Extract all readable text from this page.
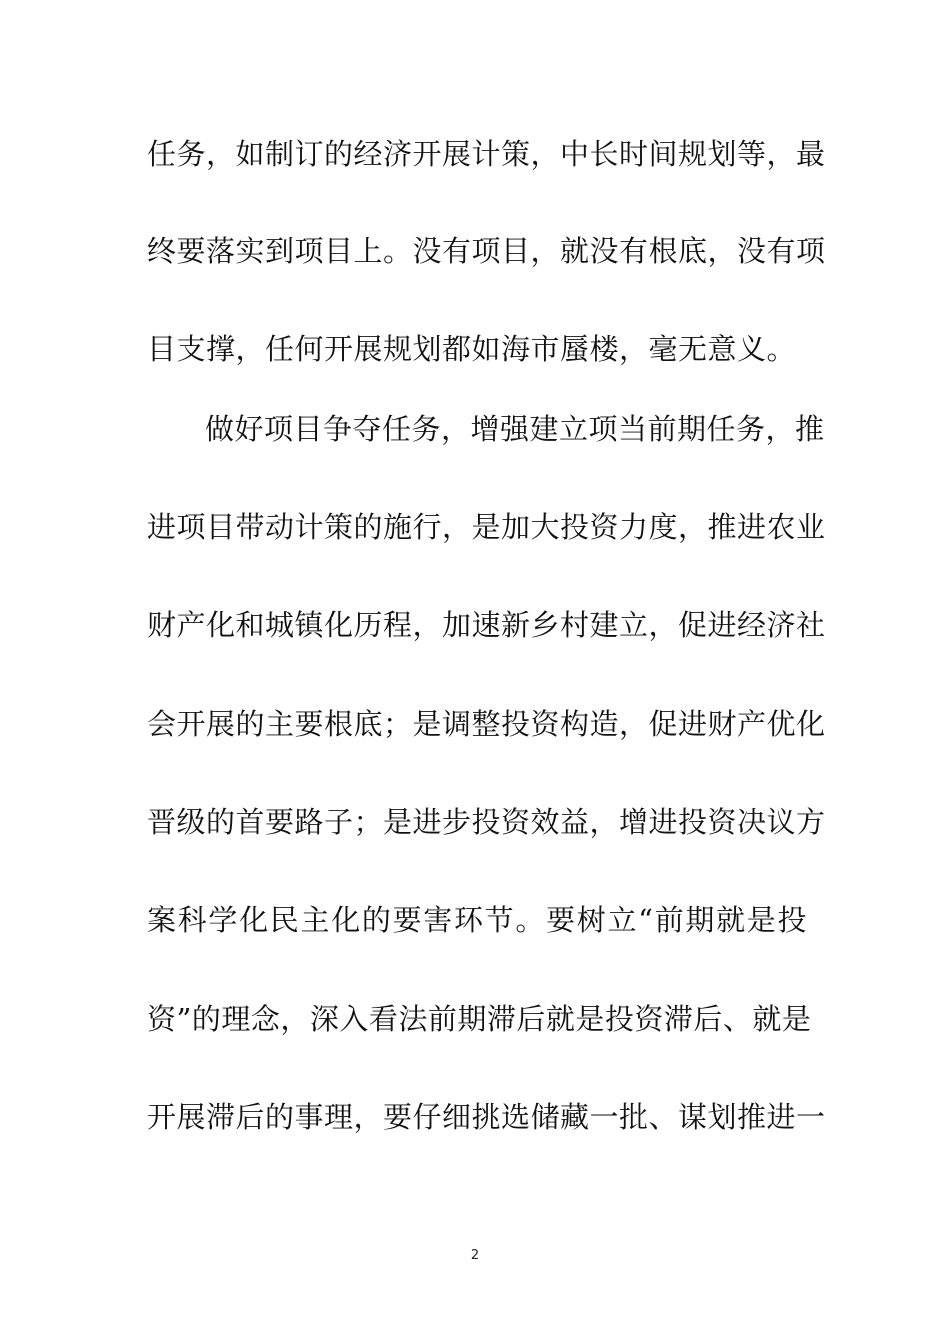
任务，如制订的经济开展计策，中长时间规划等，最
终要落实到项目上。没有项目，就没有根底，没有项
目支撑，任何开展规划都如海市蜃楼，毫无意义。
做好项目争夺任务，增强建立项当前期任务，推
进项目带动计策的施行，是加大投资力度，推进农业
财产化和城镇化历程，加速新乡村建立，促进经济社
会开展的主要根底；是调整投资构造，促进财产优化
晋级的首要路子；是进步投资效益，增进投资决议方
案科学化民主化的要害环节。要树立“前期就是投
资”的理念，深入看法前期滞后就是投资滞后、就是
开展滞后的事理，要仔细挑选储藏一批、谋划推进一
2
